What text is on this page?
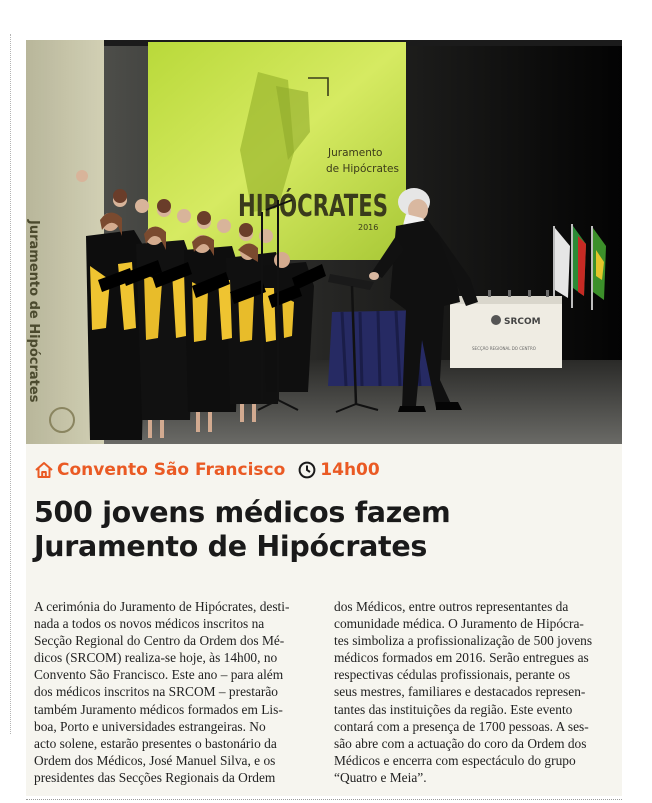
Juramento
de Hipócrates
HIPÓCRATES
2016
Juramento de Hipócrates	SRCOM
SECÇÃO REGIONAL DO CENTRO
Convento São Francisco 14h00
500 jovens médicos fazem
Juramento de Hipócrates
A cerimónia do Juramento de Hipócrates, desti-
nada a todos os novos médicos inscritos na
Secção Regional do Centro da Ordem dos Mé-
dicos (SRCOM) realiza-se hoje, às 14h00, no
Convento São Francisco. Este ano – para além
dos médicos inscritos na SRCOM – prestarão
também Juramento médicos formados em Lis-
boa, Porto e universidades estrangeiras. No
acto solene, estarão presentes o bastonário da
Ordem dos Médicos, José Manuel Silva, e os
presidentes das Secções Regionais da Ordem
dos Médicos, entre outros representantes da
comunidade médica. O Juramento de Hipócra-
tes simboliza a profissionalização de 500 jovens
médicos formados em 2016. Serão entregues as
respectivas cédulas profissionais, perante os
seus mestres, familiares e destacados represen-
tantes das instituições da região. Este evento
contará com a presença de 1700 pessoas. A ses-
são abre com a actuação do coro da Ordem dos
Médicos e encerra com espectáculo do grupo
“Quatro e Meia”.
